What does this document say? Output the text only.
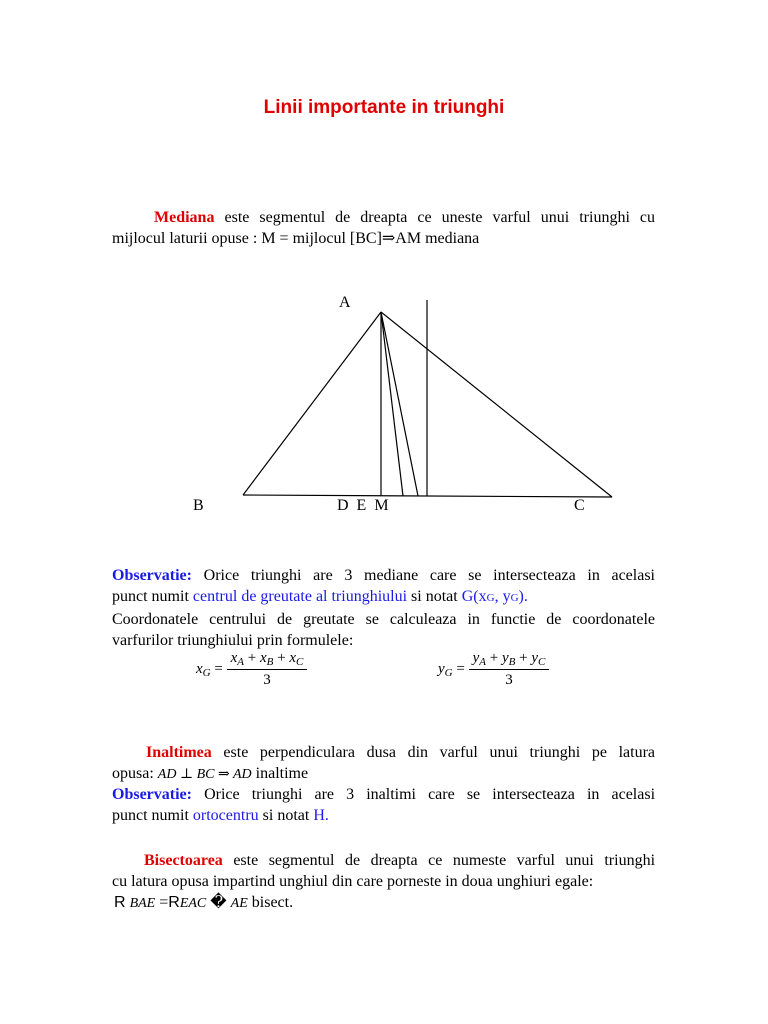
Linii importante in triunghi
Mediana este segmentul de dreapta ce uneste varful unui triunghi cu
mijlocul laturii opuse : M = mijlocul [BC]⇒AM mediana
A
B	C
D  E  M
Observatie: Orice triunghi are 3 mediane care se intersecteaza in acelasi
punct numit centrul de greutate al triunghiului si notat G(xG, yG).
Coordonatele centrului de greutate se calculeaza in functie de coordonatele
varfurilor triunghiului prin formulele:
$x_G = \frac{x_A + x_B + x_C}{3}$	$y_G = \frac{y_A + y_B + y_C}{3}$
Inaltimea este perpendiculara dusa din varful unui triunghi pe latura
opusa: AD ⊥ BC ⇒ AD inaltime
Observatie: Orice triunghi are 3 inaltimi care se intersecteaza in acelasi
punct numit ortocentru si notat H.
Bisectoarea este segmentul de dreapta ce numeste varful unui triunghi
cu latura opusa impartind unghiul din care porneste in doua unghiuri egale:
R BAE =REAC � AE bisect.
